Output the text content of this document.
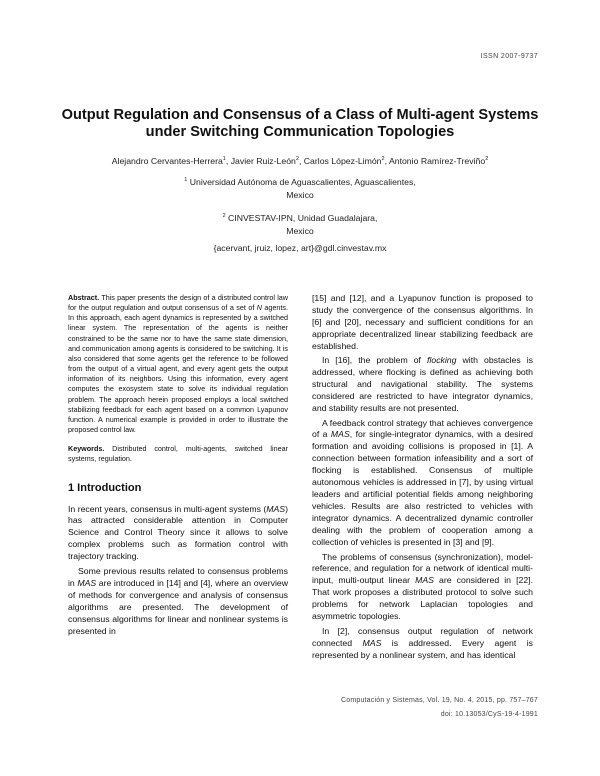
ISSN 2007-9737
Output Regulation and Consensus of a Class of Multi-agent Systems
under Switching Communication Topologies
Alejandro Cervantes-Herrera$^1$, Javier Ruiz-León$^2$, Carlos López-Limón$^2$, Antonio Ramírez-Treviño$^2$
$^1$ Universidad Autónoma de Aguascalientes, Aguascalientes,
Mexico
$^2$ CINVESTAV-IPN, Unidad Guadalajara,
Mexico
{acervant, jruiz, lopez, art}@gdl.cinvestav.mx

Abstract. This paper presents the design of a distributed control law for the output regulation and output consensus of a set of N agents. In this approach, each agent dynamics is represented by a switched linear system. The representation of the agents is neither constrained to be the same nor to have the same state dimension, and communication among agents is considered to be switching. It is also considered that some agents get the reference to be followed from the output of a virtual agent, and every agent gets the output information of its neighbors. Using this information, every agent computes the exosystem state to solve its individual regulation problem. The approach herein proposed employs a local switched stabilizing feedback for each agent based on a common Lyapunov function. A numerical example is provided in order to illustrate the proposed control law.

Keywords. Distributed control, multi-agents, switched linear systems, regulation.

1 Introduction

In recent years, consensus in multi-agent systems (MAS) has attracted considerable attention in Computer Science and Control Theory since it allows to solve complex problems such as formation control with trajectory tracking.

Some previous results related to consensus problems in MAS are introduced in [14] and [4], where an overview of methods for convergence and analysis of consensus algorithms are presented. The development of consensus algorithms for linear and nonlinear systems is presented in

[15] and [12], and a Lyapunov function is proposed to study the convergence of the consensus algorithms. In [6] and [20], necessary and sufficient conditions for an appropriate decentralized linear stabilizing feedback are established.

In [16], the problem of flocking with obstacles is addressed, where flocking is defined as achieving both structural and navigational stability. The systems considered are restricted to have integrator dynamics, and stability results are not presented.

A feedback control strategy that achieves convergence of a MAS, for single-integrator dynamics, with a desired formation and avoiding collisions is proposed in [1]. A connection between formation infeasibility and a sort of flocking is established. Consensus of multiple autonomous vehicles is addressed in [7], by using virtual leaders and artificial potential fields among neighboring vehicles. Results are also restricted to vehicles with integrator dynamics. A decentralized dynamic controller dealing with the problem of cooperation among a collection of vehicles is presented in [3] and [9].

The problems of consensus (synchronization), model-reference, and regulation for a network of identical multi-input, multi-output linear MAS are considered in [22]. That work proposes a distributed protocol to solve such problems for network Laplacian topologies and asymmetric topologies.

In [2], consensus output regulation of network connected MAS is addressed. Every agent is represented by a nonlinear system, and has identical

Computación y Sistemas, Vol. 19, No. 4, 2015, pp. 757–767
doi: 10.13053/CyS-19-4-1991
